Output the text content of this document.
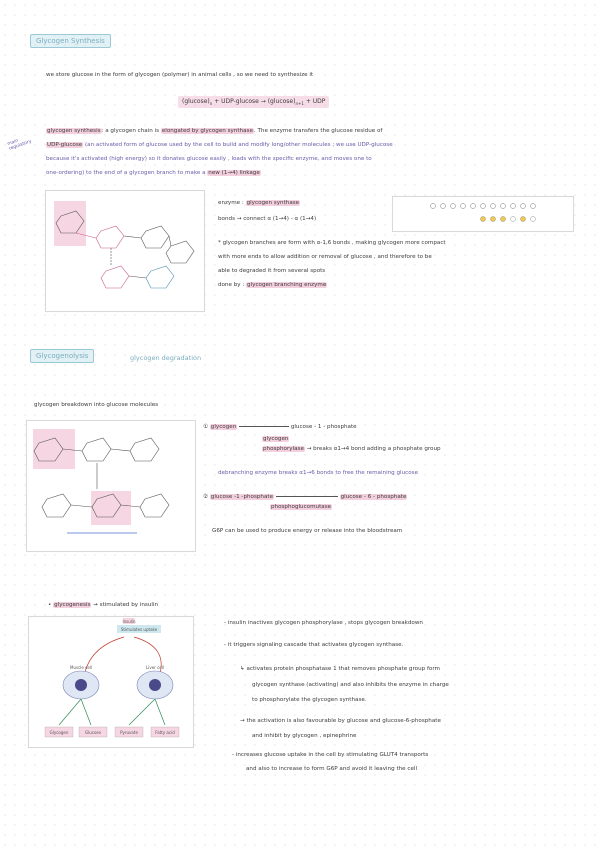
Glycogen Synthesis
we store glucose in the form of glycogen (polymer) in animal cells , so we need to synthesize it
$(glucose)_n + UDP-glucose \to (glucose)_{n+1}$ + UDP
main regulatory
glycogen synthesis: a glycogen chain is elongated by glycogen synthase. The enzyme transfers the glucose residue of
UDP-glucose (an activated form of glucose used by the cell to build and modify long/other molecules ; we use UDP-glucose
because it's activated (high energy) so it donates glucose easily , loads with the specific enzyme, and moves one to
one-ordering) to the end of a glycogen branch to make a new (1→4) linkage
enzyme : glycogen synthase
bonds → connect α (1→4) - α (1→4)
* glycogen branches are form with α-1,6 bonds , making glycogen more compact
with more ends to allow addition or removal of glucose , and therefore to be
able to degraded it from several spots
done by : glycogen branching enzyme
Glycogenolysis	glycogen degradation
glycogen breakdown into glucose molecules
① glycogen	glucose - 1 - phosphate
glycogen
phosphorylase → breaks α1→4 bond adding a phosphate group
debranching enzyme breaks α1→6 bonds to free the remaining glucose
② glucose -1 -phosphate	glucose - 6 - phosphate
phosphoglucomutase
G6P can be used to produce energy or release into the bloodstream
• glycogenesis → stimulated by insulin
Stimulates uptake
Insulin
Muscle cell	Liver cell
Glycogen	Glucose	Pyruvate	Fatty acid
- insulin inactives glycogen phosphorylase , stops glycogen breakdown
- it triggers signaling cascade that activates glycogen synthase.
↳ activates protein phosphatase 1 that removes phosphate group form
glycogen synthase (activating) and also inhibits the enzyme in charge
to phosphorylate the glycogen synthase.
→ the activation is also favourable by glucose and glucose-6-phosphate
and inhibit by glycogen , epinephrine
- increases glucose uptake in the cell by stimulating GLUT4 transports
and also to increase to form G6P and avoid it leaving the cell
